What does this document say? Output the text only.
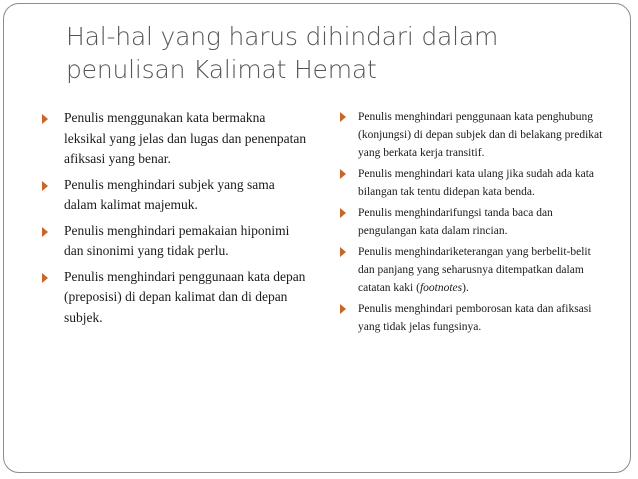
Hal-hal yang harus dihindari dalam
penulisan Kalimat Hemat
Penulis menggunakan kata bermakna leksikal yang jelas dan lugas dan penenpatan afiksasi yang benar.
Penulis menghindari subjek yang sama dalam kalimat majemuk.
Penulis menghindari pemakaian hiponimi dan sinonimi yang tidak perlu.
Penulis menghindari penggunaan kata depan (preposisi) di depan kalimat dan di depan subjek.
Penulis menghindari penggunaan kata penghubung (konjungsi) di depan subjek dan di belakang predikat yang berkata kerja transitif.
Penulis menghindari kata ulang jika sudah ada kata bilangan tak tentu didepan kata benda.
Penulis menghindarifungsi tanda baca dan pengulangan kata dalam rincian.
Penulis menghindariketerangan yang berbelit-belit dan panjang yang seharusnya ditempatkan dalam catatan kaki (footnotes).
Penulis menghindari pemborosan kata dan afiksasi yang tidak jelas fungsinya.
